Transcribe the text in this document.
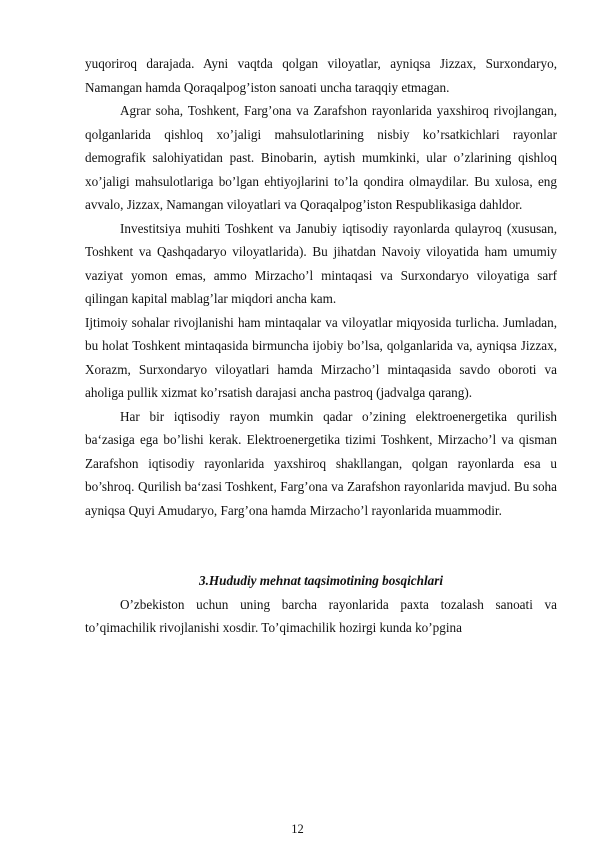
yuqoriroq darajada. Ayni vaqtda qolgan viloyatlar, ayniqsa Jizzax, Surxondaryo, Namangan hamda Qoraqalpog’iston sanoati uncha taraqqiy etmagan.

Agrar soha, Toshkent, Farg’ona va Zarafshon rayonlarida yaxshiroq rivojlangan, qolganlarida qishloq xo’jaligi mahsulotlarining nisbiy ko’rsatkichlari rayonlar demografik salohiyatidan past. Binobarin, aytish mumkinki, ular o’zlarining qishloq xo’jaligi mahsulotlariga bo’lgan ehtiyojlarini to’la qondira olmaydilar. Bu xulosa, eng avvalo, Jizzax, Namangan viloyatlari va Qoraqalpog’iston Respublikasiga dahldor.

Investitsiya muhiti Toshkent va Janubiy iqtisodiy rayonlarda qulayroq (xususan, Toshkent va Qashqadaryo viloyatlarida). Bu jihatdan Navoiy viloyatida ham umumiy vaziyat yomon emas, ammo Mirzacho’l mintaqasi va Surxondaryo viloyatiga sarf qilingan kapital mablag’lar miqdori ancha kam.

Ijtimoiy sohalar rivojlanishi ham mintaqalar va viloyatlar miqyosida turlicha. Jumladan, bu holat Toshkent mintaqasida birmuncha ijobiy bo’lsa, qolganlarida va, ayniqsa Jizzax, Xorazm, Surxondaryo viloyatlari hamda Mirzacho’l mintaqasida savdo oboroti va aholiga pullik xizmat ko’rsatish darajasi ancha pastroq (jadvalga qarang).

Har bir iqtisodiy rayon mumkin qadar o’zining elektroenergetika qurilish ba‘zasiga ega bo’lishi kerak. Elektroenergetika tizimi Toshkent, Mirzacho’l va qisman Zarafshon iqtisodiy rayonlarida yaxshiroq shakllangan, qolgan rayonlarda esa u bo’shroq. Qurilish ba‘zasi Toshkent, Farg’ona va Zarafshon rayonlarida mavjud. Bu soha ayniqsa Quyi Amudaryo, Farg’ona hamda Mirzacho’l rayonlarida muammodir.

3.Hududiy mehnat taqsimotining bosqichlari

O’zbekiston uchun uning barcha rayonlarida paxta tozalash sanoati va to’qimachilik rivojlanishi xosdir. To’qimachilik hozirgi kunda ko’pgina

12
